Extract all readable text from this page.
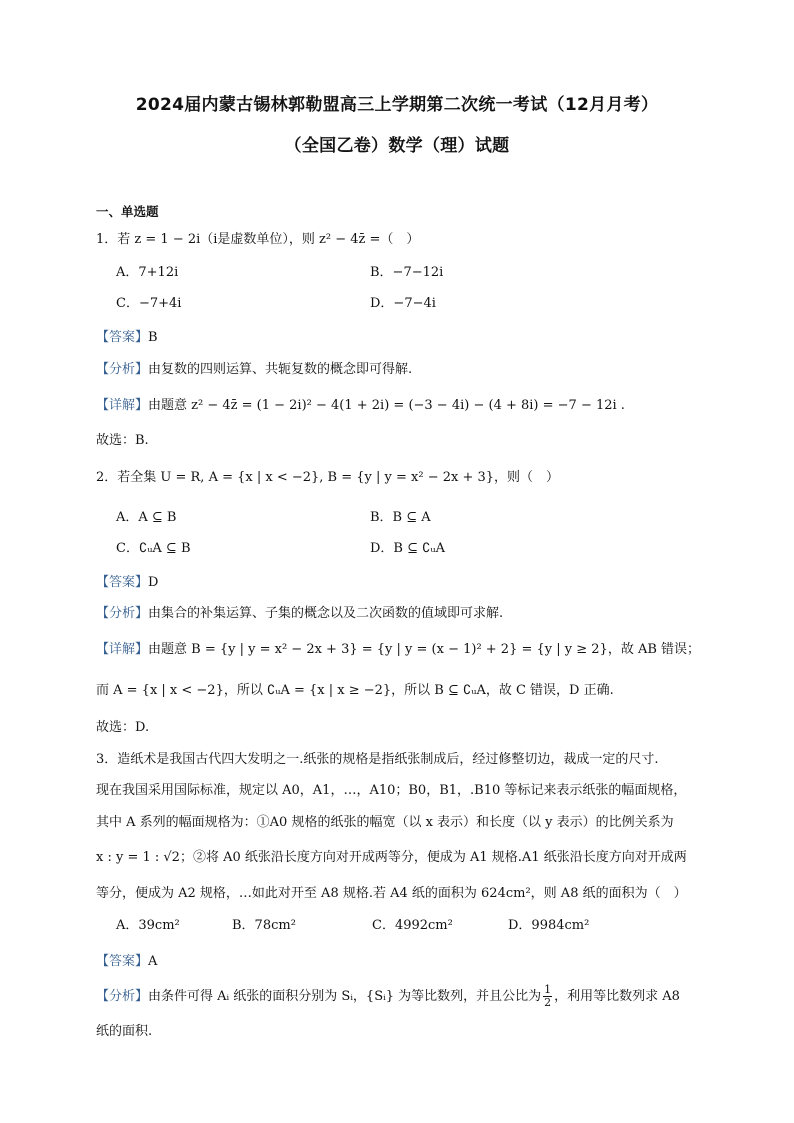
2024届内蒙古锡林郭勒盟高三上学期第二次统一考试（12月月考）
（全国乙卷）数学（理）试题
一、单选题
1．若 z = 1 − 2i（i是虚数单位），则 z² − 4z̄ =（　）
A．7+12i	B．−7−12i
C．−7+4i	D．−7−4i
【答案】B
【分析】由复数的四则运算、共轭复数的概念即可得解.
【详解】由题意 z² − 4z̄ = (1 − 2i)² − 4(1 + 2i) = (−3 − 4i) − (4 + 8i) = −7 − 12i .
故选：B.
2．若全集 U = R, A = {x | x < −2}, B = {y | y = x² − 2x + 3}，则（　）
A．A ⊆ B	B．B ⊆ A
C．∁ᵤA ⊆ B	D．B ⊆ ∁ᵤA
【答案】D
【分析】由集合的补集运算、子集的概念以及二次函数的值域即可求解.
【详解】由题意 B = {y | y = x² − 2x + 3} = {y | y = (x − 1)² + 2} = {y | y ≥ 2}，故 AB 错误；
而 A = {x | x < −2}，所以 ∁ᵤA = {x | x ≥ −2}，所以 B ⊆ ∁ᵤA，故 C 错误，D 正确.
故选：D.
3．造纸术是我国古代四大发明之一.纸张的规格是指纸张制成后，经过修整切边，裁成一定的尺寸.
现在我国采用国际标准，规定以 A0，A1，…，A10；B0，B1，.B10 等标记来表示纸张的幅面规格，
其中 A 系列的幅面规格为：①A0 规格的纸张的幅宽（以 x 表示）和长度（以 y 表示）的比例关系为
x : y = 1 : √2；②将 A0 纸张沿长度方向对开成两等分，便成为 A1 规格.A1 纸张沿长度方向对开成两
等分，便成为 A2 规格，…如此对开至 A8 规格.若 A4 纸的面积为 624cm²，则 A8 纸的面积为（　）
A．39cm²	B．78cm²	C．4992cm²	D．9984cm²
【答案】A
【分析】由条件可得 Aᵢ 纸张的面积分别为 Sᵢ，{Sᵢ} 为等比数列，并且公比为 $\frac{1}{2}$ ，利用等比数列求 A8
纸的面积.
